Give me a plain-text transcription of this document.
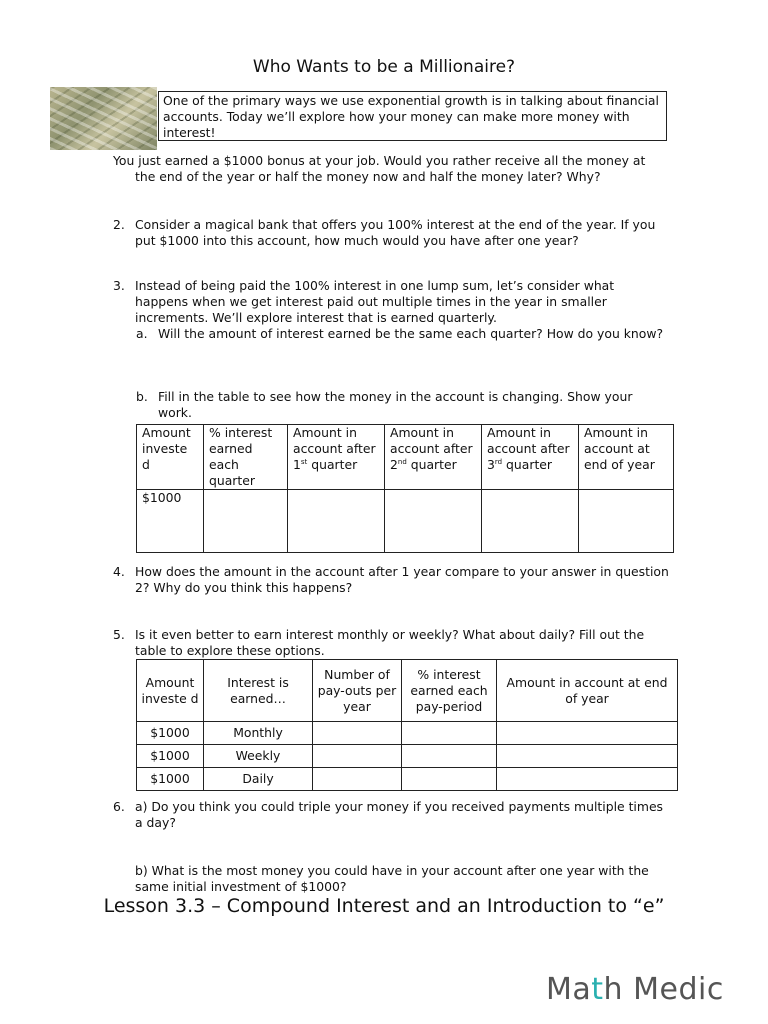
Who Wants to be a Millionaire?
One of the primary ways we use exponential growth is in talking about financial accounts. Today we’ll explore how your money can make more money with interest!
You just earned a $1000 bonus at your job. Would you rather receive all the money at the end of the year or half the money now and half the money later? Why?
2. Consider a magical bank that offers you 100% interest at the end of the year. If you put $1000 into this account, how much would you have after one year?
3. Instead of being paid the 100% interest in one lump sum, let’s consider what happens when we get interest paid out multiple times in the year in smaller increments. We’ll explore interest that is earned quarterly.
a. Will the amount of interest earned be the same each quarter? How do you know?
b. Fill in the table to see how the money in the account is changing. Show your work.
Amount investe d	% interest earned each quarter	Amount in account after 1st quarter	Amount in account after 2nd quarter	Amount in account after 3rd quarter	Amount in account at end of year
$1000					
4. How does the amount in the account after 1 year compare to your answer in question 2? Why do you think this happens?
5. Is it even better to earn interest monthly or weekly? What about daily? Fill out the table to explore these options.
Amount investe d	Interest is earned…	Number of pay-outs per year	% interest earned each pay-period	Amount in account at end of year
$1000	Monthly			
$1000	Weekly			
$1000	Daily			
6. a) Do you think you could triple your money if you received payments multiple times a day?
b) What is the most money you could have in your account after one year with the same initial investment of $1000?
Lesson 3.3 – Compound Interest and an Introduction to “e”
Math Medic
